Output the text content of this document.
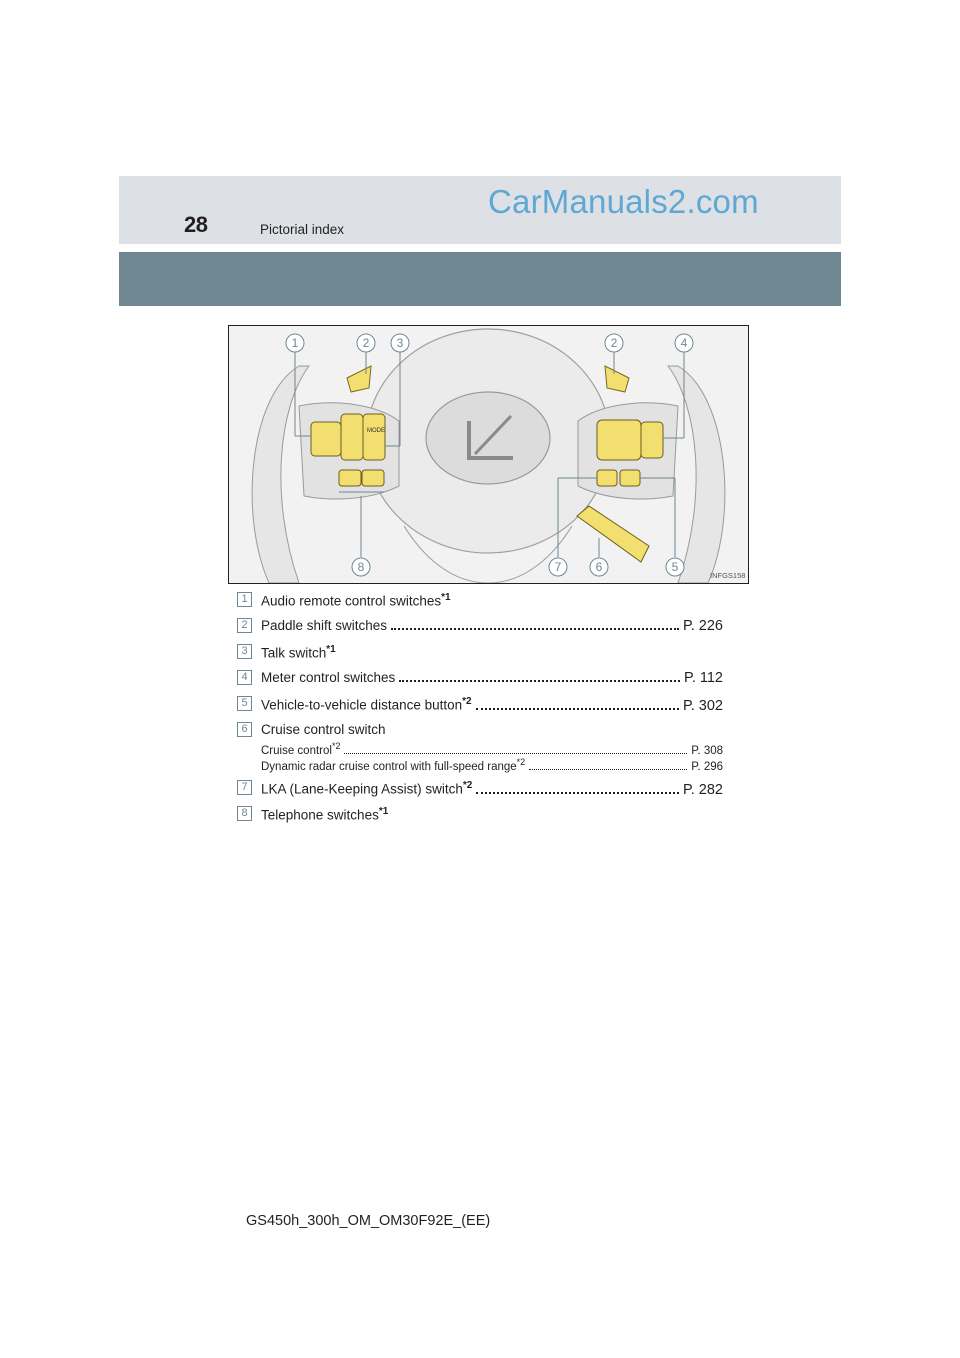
28	Pictorial index
CarManuals2.com
MODE
1	2 3	2	4
8	7	6	5
INFGS158
1 Audio remote control switches$^{*1}$
2 Paddle shift switches	P. 226
3 Talk switch$^{*1}$
4 Meter control switches	P. 112
5 Vehicle-to-vehicle distance button$^{*2}$	P. 302
6 Cruise control switch
Cruise control$^{*2}$	P. 308
Dynamic radar cruise control with full-speed range$^{*2}$	P. 296
7 LKA (Lane-Keeping Assist) switch$^{*2}$	P. 282
8 Telephone switches$^{*1}$
GS450h_300h_OM_OM30F92E_(EE)
